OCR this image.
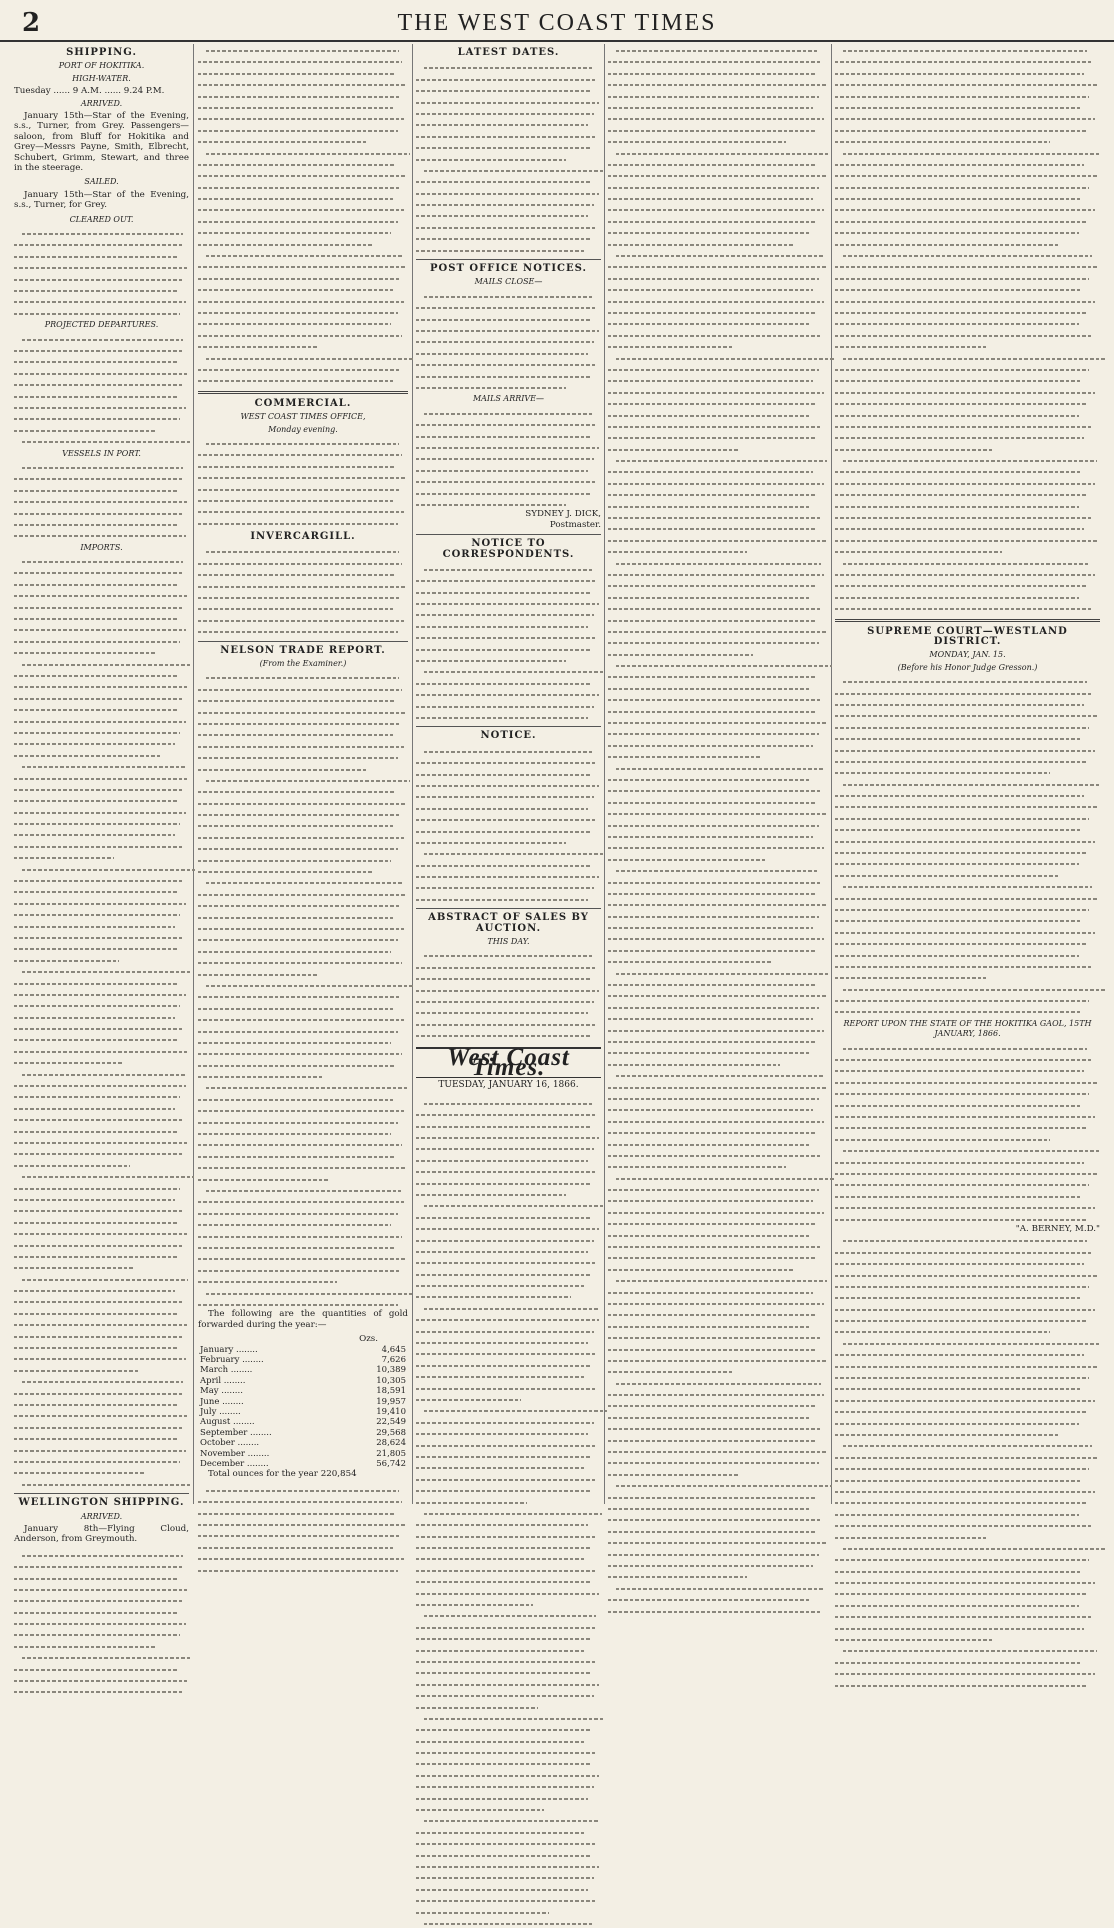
2	THE WEST COAST TIMES
SHIPPING.
PORT OF HOKITIKA.
HIGH-WATER.
Tuesday ...... 9 A.M. ...... 9.24 P.M.
ARRIVED.

January 15th—Star of the Evening, s.s., Turner, from Grey. Passengers—saloon, from Bluff for Hokitika and Grey—Messrs Payne, Smith, Elbrecht, Schubert, Grimm, Stewart, and three in the steerage.

SAILED.

January 15th—Star of the Evening, s.s., Turner, for Grey.

CLEARED OUT.
PROJECTED DEPARTURES.
VESSELS IN PORT.
IMPORTS.
WELLINGTON SHIPPING.
ARRIVED.

January 8th—Flying Cloud, Anderson, from Greymouth.

COMMERCIAL.
WEST COAST TIMES OFFICE,
Monday evening.
INVERCARGILL.
NELSON TRADE REPORT.
(From the Examiner.)

The following are the quantities of gold forwarded during the year:—

Ozs.
January ........	4,645
February ........	7,626
March ........	10,389
April ........	10,305
May ........	18,591
June ........	19,957
July ........	19,410
August ........	22,549
September ........	29,568
October ........	28,624
November ........	21,805
December ........	56,742

Total ounces for the year 220,854

LATEST DATES.
POST OFFICE NOTICES.
MAILS CLOSE—
MAILS ARRIVE—
SYDNEY J. DICK,
Postmaster.
NOTICE TO CORRESPONDENTS.
NOTICE.
ABSTRACT OF SALES BY AUCTION.
THIS DAY.
West Coast Times.
TUESDAY, JANUARY 16, 1866.
SUPREME COURT—WESTLAND DISTRICT.
MONDAY, JAN. 15.
(Before his Honor Judge Gresson.)
REPORT UPON THE STATE OF THE HOKITIKA GAOL, 15TH JANUARY, 1866.
"A. BERNEY, M.D."
